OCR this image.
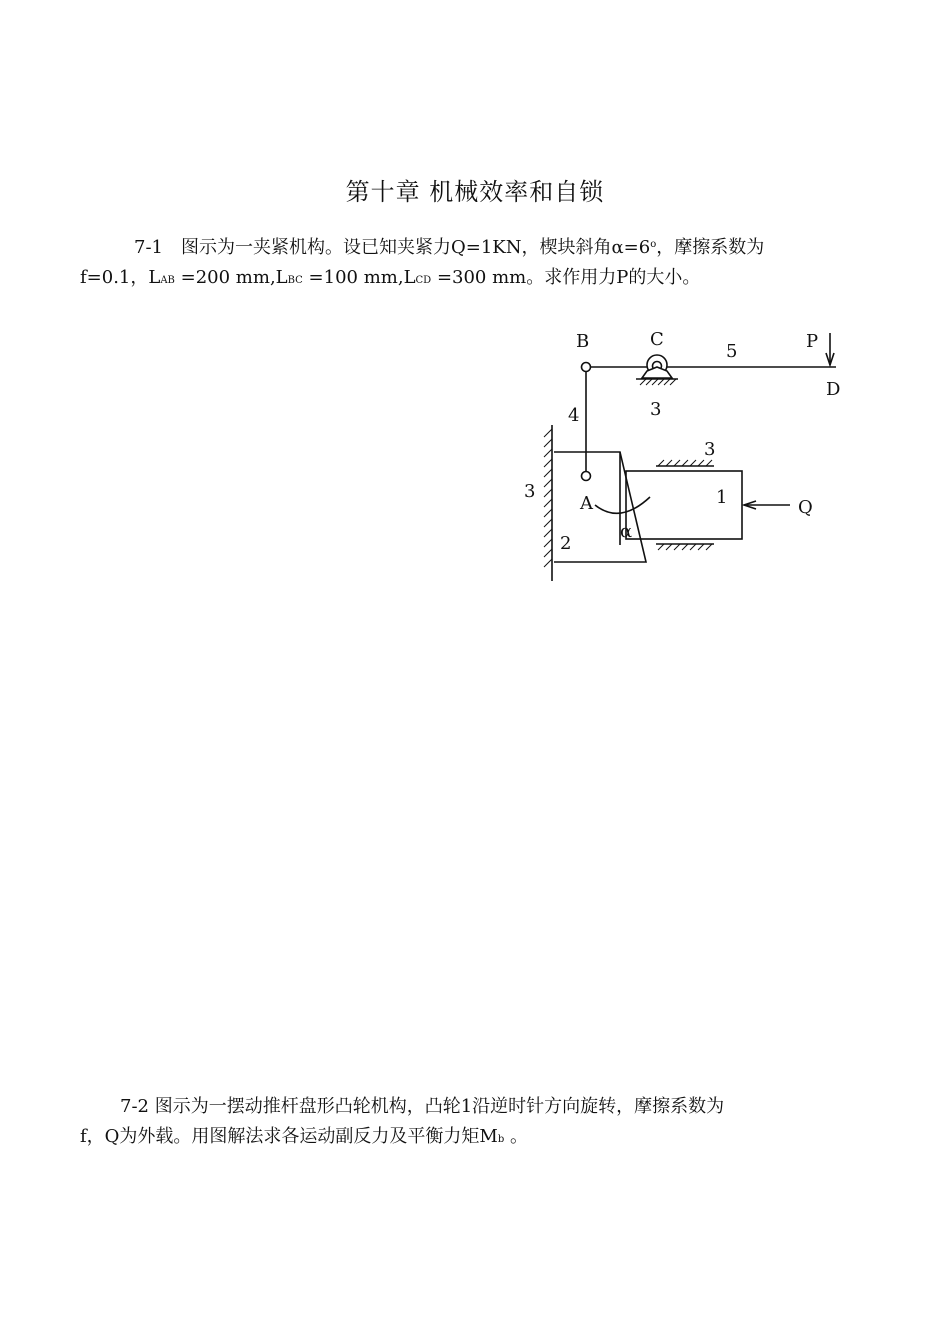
第十章 机械效率和自锁
7-1　图示为一夹紧机构。设已知夹紧力Q=1KN，楔块斜角$\alpha=6^o$，摩擦系数为
f=0.1，LAB =200 mm,LBC =100 mm,LCD =300 mm。求作用力P的大小。
B	C	P
D
5
3
4
3
3
A	1	Q
2
α
7-2 图示为一摆动推杆盘形凸轮机构，凸轮1沿逆时针方向旋转，摩擦系数为
f，Q为外载。用图解法求各运动副反力及平衡力矩Mb 。
